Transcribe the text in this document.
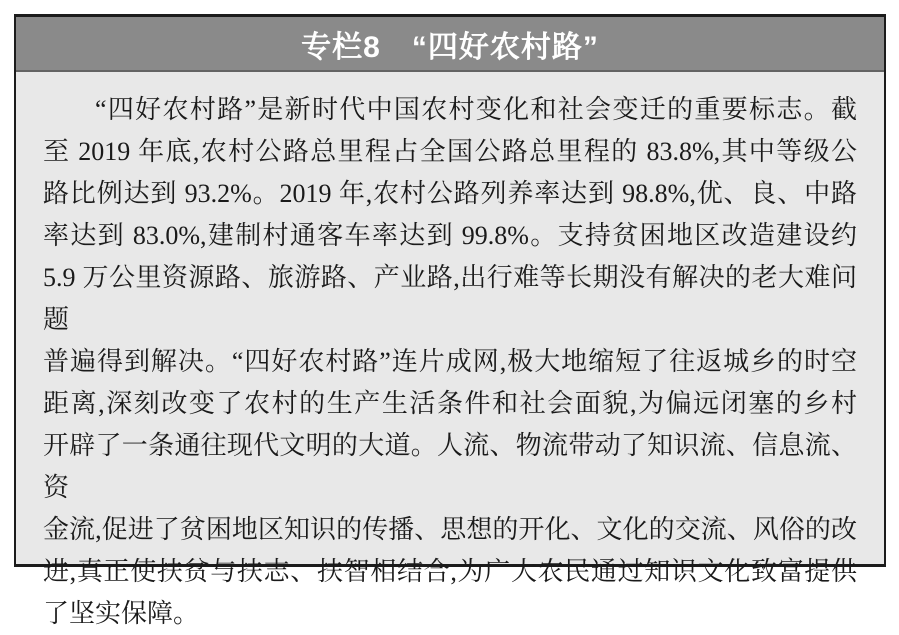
专栏8　“四好农村路”

“四好农村路”是新时代中国农村变化和社会变迁的重要标志。截

至 2019 年底,农村公路总里程占全国公路总里程的 83.8%,其中等级公

路比例达到 93.2%。2019 年,农村公路列养率达到 98.8%,优、良、中路

率达到 83.0%,建制村通客车率达到 99.8%。支持贫困地区改造建设约

5.9 万公里资源路、旅游路、产业路,出行难等长期没有解决的老大难问题

普遍得到解决。“四好农村路”连片成网,极大地缩短了往返城乡的时空

距离,深刻改变了农村的生产生活条件和社会面貌,为偏远闭塞的乡村

开辟了一条通往现代文明的大道。人流、物流带动了知识流、信息流、资

金流,促进了贫困地区知识的传播、思想的开化、文化的交流、风俗的改

进,真正使扶贫与扶志、扶智相结合,为广大农民通过知识文化致富提供

了坚实保障。
